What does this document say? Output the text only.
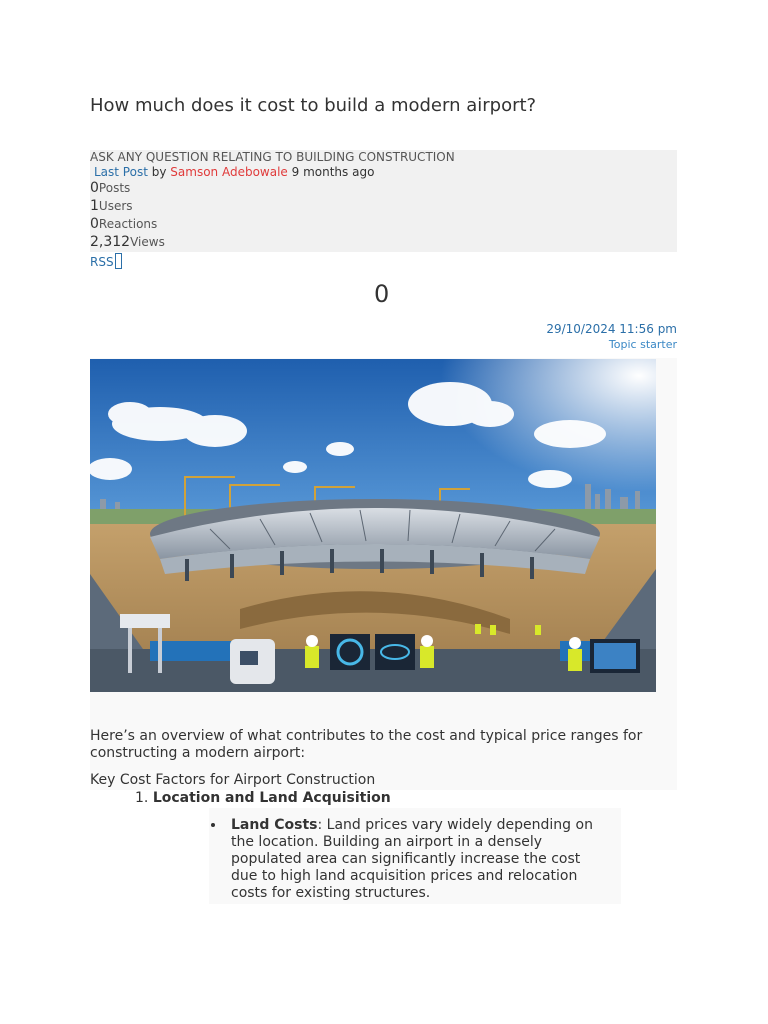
How much does it cost to build a modern airport?
ASK ANY QUESTION RELATING TO BUILDING CONSTRUCTION
Last Post by Samson Adebowale 9 months ago
0Posts
1Users
0Reactions
2,312Views
RSS
0
29/10/2024 11:56 pm
Topic starter
Here’s an overview of what contributes to the cost and typical price ranges for constructing a modern airport:
Key Cost Factors for Airport Construction
1. Location and Land Acquisition
Land Costs: Land prices vary widely depending on the location. Building an airport in a densely populated area can significantly increase the cost due to high land acquisition prices and relocation costs for existing structures.
